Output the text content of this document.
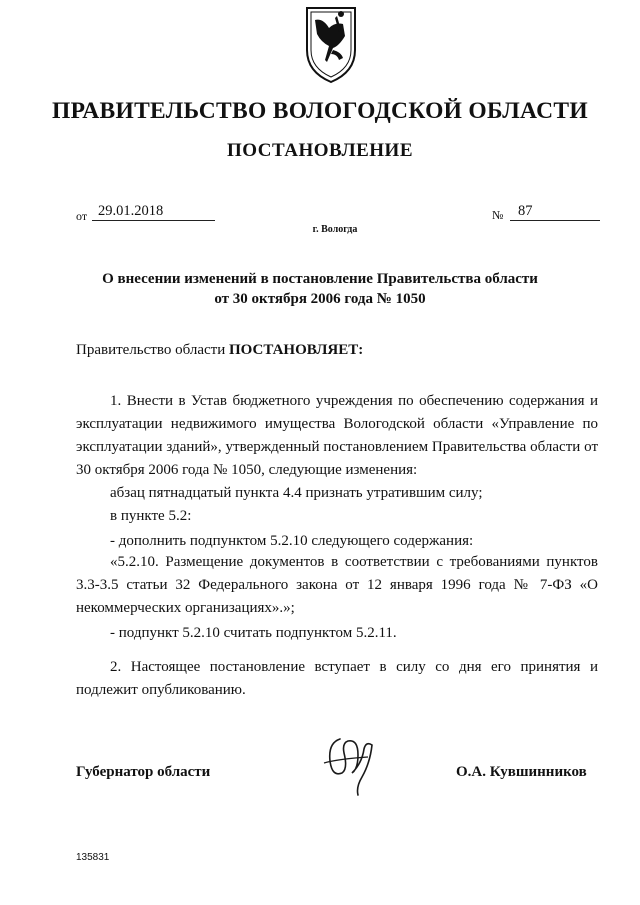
ПРАВИТЕЛЬСТВО ВОЛОГОДСКОЙ ОБЛАСТИ
ПОСТАНОВЛЕНИЕ
от 29.01.2018	№	87
г. Вологда
О внесении изменений в постановление Правительства области
от 30 октября 2006 года № 1050
Правительство области ПОСТАНОВЛЯЕТ:
1. Внести в Устав бюджетного учреждения по обеспечению содержания и эксплуатации недвижимого имущества Вологодской области «Управление по эксплуатации зданий», утвержденный постановлением Правительства области от 30 октября 2006 года № 1050, следующие изменения:
абзац пятнадцатый пункта 4.4 признать утратившим силу;
в пункте 5.2:
- дополнить подпунктом 5.2.10 следующего содержания:
«5.2.10. Размещение документов в соответствии с требованиями пунктов 3.3-3.5 статьи 32 Федерального закона от 12 января 1996 года № 7-ФЗ «О некоммерческих организациях».»;
- подпункт 5.2.10 считать подпунктом 5.2.11.
2. Настоящее постановление вступает в силу со дня его принятия и подлежит опубликованию.
Губернатор области	О.А. Кувшинников
135831
